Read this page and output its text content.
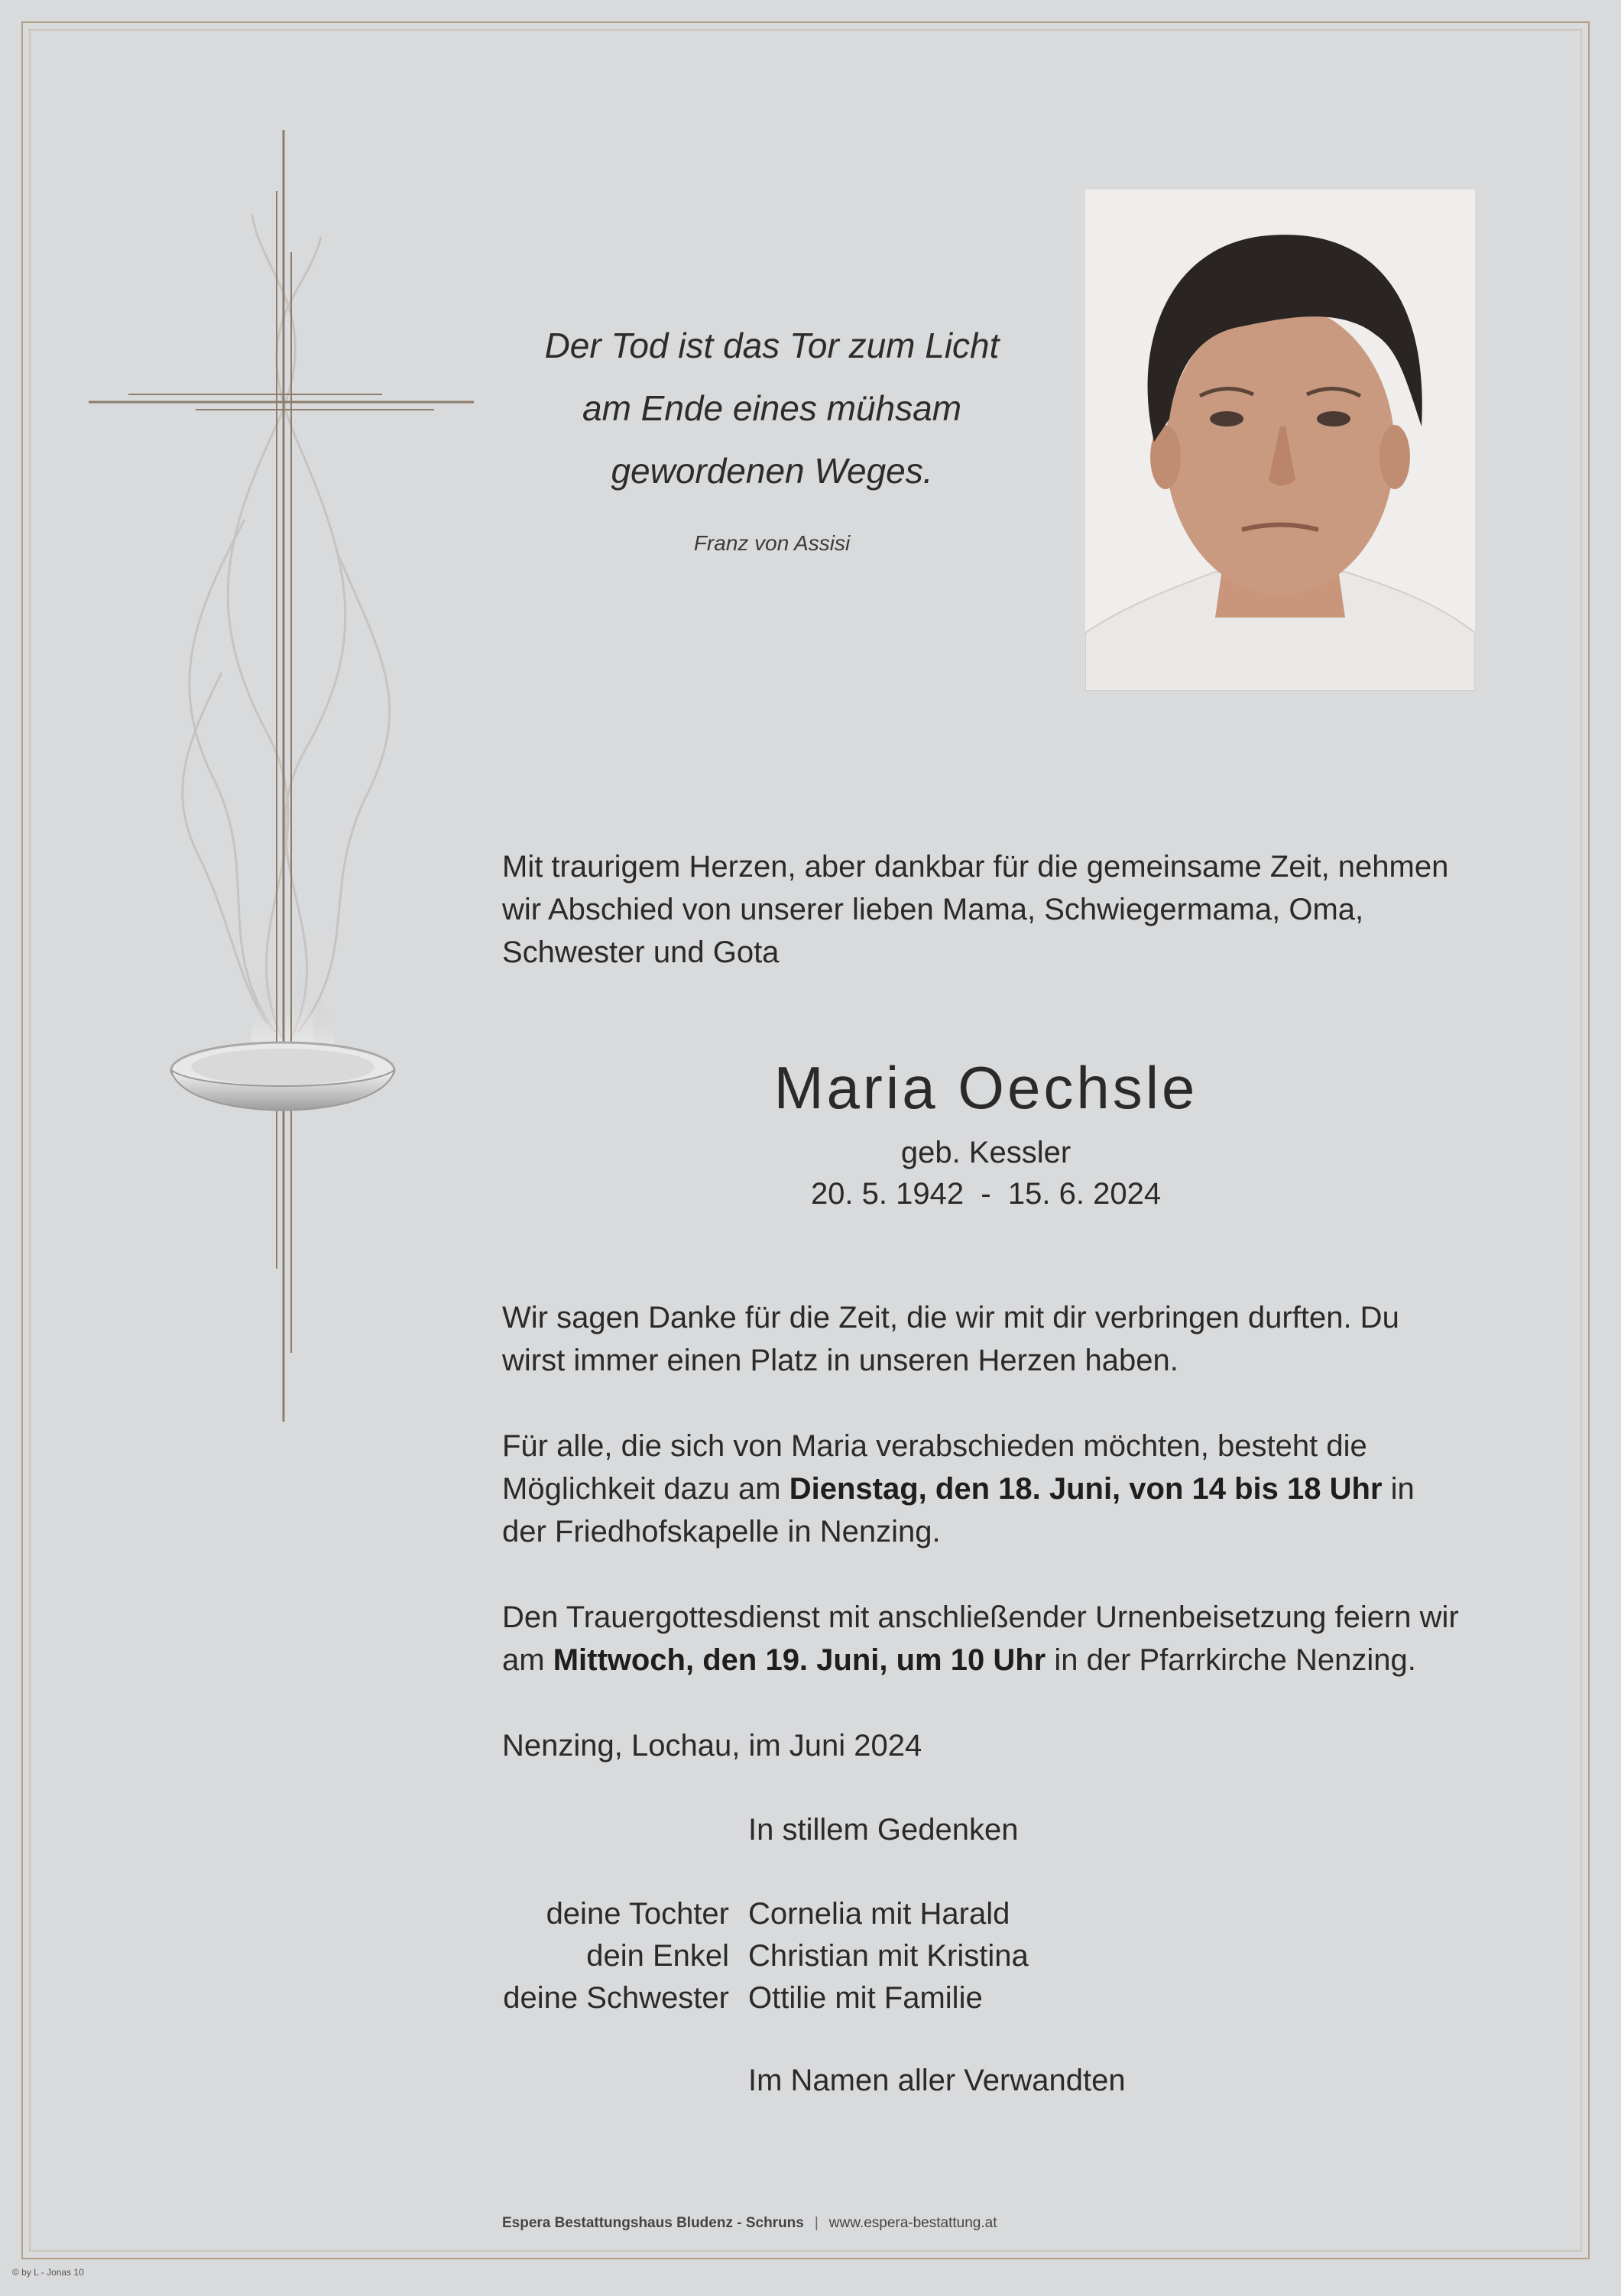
Der Tod ist das Tor zum Licht
am Ende eines mühsam
gewordenen Weges.
Franz von Assisi
Mit traurigem Herzen, aber dankbar für die gemeinsame Zeit, nehmen
wir Abschied von unserer lieben Mama, Schwiegermama, Oma,
Schwester und Gota
Maria Oechsle
geb. Kessler
20. 5. 1942  -  15. 6. 2024
Wir sagen Danke für die Zeit, die wir mit dir verbringen durften. Du
wirst immer einen Platz in unseren Herzen haben.
Für alle, die sich von Maria verabschieden möchten, besteht die
Möglichkeit dazu am Dienstag, den 18. Juni, von 14 bis 18 Uhr in
der Friedhofskapelle in Nenzing.
Den Trauergottesdienst mit anschließender Urnenbeisetzung feiern wir
am Mittwoch, den 19. Juni, um 10 Uhr in der Pfarrkirche Nenzing.
Nenzing, Lochau, im Juni 2024
In stillem Gedenken
deine Tochter Cornelia mit Harald
dein Enkel Christian mit Kristina
deine Schwester Ottilie mit Familie
Im Namen aller Verwandten
Espera Bestattungshaus Bludenz - Schruns | www.espera-bestattung.at
© by L - Jonas 10
